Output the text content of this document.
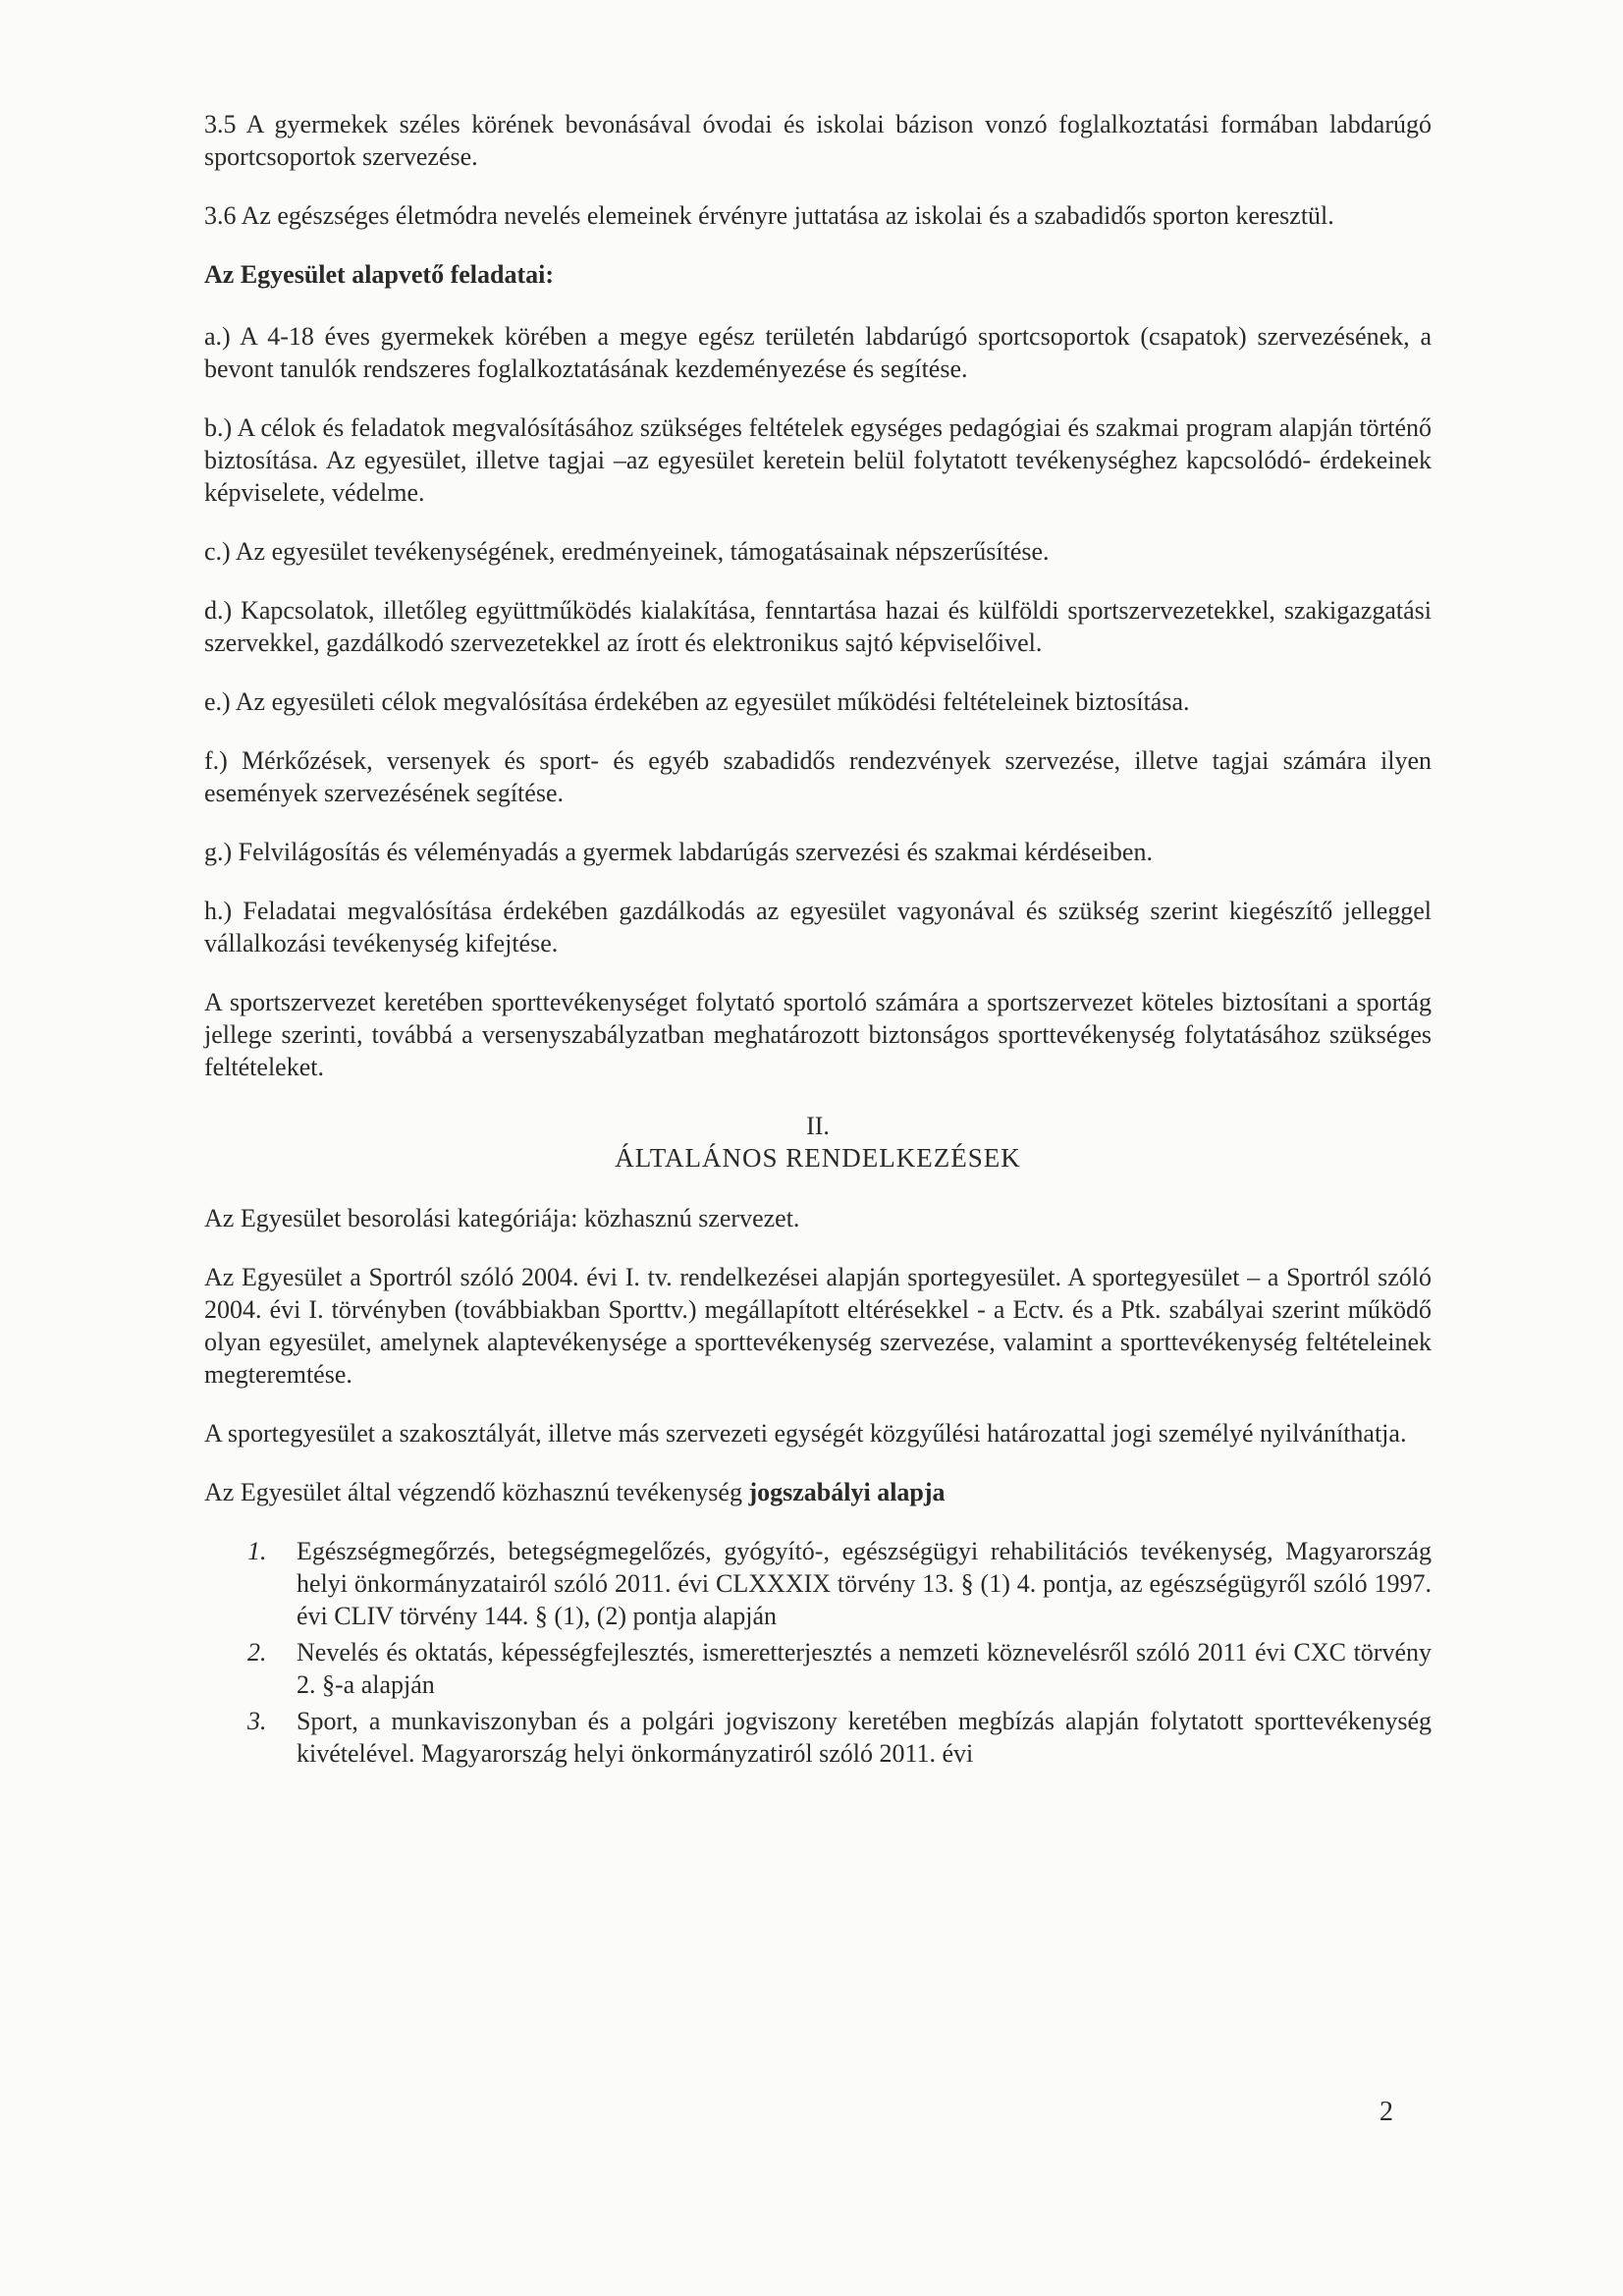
3.5 A gyermekek széles körének bevonásával óvodai és iskolai bázison vonzó foglalkoztatási formában labdarúgó sportcsoportok szervezése.

3.6 Az egészséges életmódra nevelés elemeinek érvényre juttatása az iskolai és a szabadidős sporton keresztül.

Az Egyesület alapvető feladatai:

a.) A 4-18 éves gyermekek körében a megye egész területén labdarúgó sportcsoportok (csapatok) szervezésének, a bevont tanulók rendszeres foglalkoztatásának kezdeményezése és segítése.

b.) A célok és feladatok megvalósításához szükséges feltételek egységes pedagógiai és szakmai program alapján történő biztosítása. Az egyesület, illetve tagjai –az egyesület keretein belül folytatott tevékenységhez kapcsolódó- érdekeinek képviselete, védelme.

c.) Az egyesület tevékenységének, eredményeinek, támogatásainak népszerűsítése.

d.) Kapcsolatok, illetőleg együttműködés kialakítása, fenntartása hazai és külföldi sportszervezetekkel, szakigazgatási szervekkel, gazdálkodó szervezetekkel az írott és elektronikus sajtó képviselőivel.

e.) Az egyesületi célok megvalósítása érdekében az egyesület működési feltételeinek biztosítása.

f.) Mérkőzések, versenyek és sport- és egyéb szabadidős rendezvények szervezése, illetve tagjai számára ilyen események szervezésének segítése.

g.) Felvilágosítás és véleményadás a gyermek labdarúgás szervezési és szakmai kérdéseiben.

h.) Feladatai megvalósítása érdekében gazdálkodás az egyesület vagyonával és szükség szerint kiegészítő jelleggel vállalkozási tevékenység kifejtése.

A sportszervezet keretében sporttevékenységet folytató sportoló számára a sportszervezet köteles biztosítani a sportág jellege szerinti, továbbá a versenyszabályzatban meghatározott biztonságos sporttevékenység folytatásához szükséges feltételeket.

II.
ÁLTALÁNOS RENDELKEZÉSEK

Az Egyesület besorolási kategóriája: közhasznú szervezet.

Az Egyesület a Sportról szóló 2004. évi I. tv. rendelkezései alapján sportegyesület. A sportegyesület – a Sportról szóló 2004. évi I. törvényben (továbbiakban Sporttv.) megállapított eltérésekkel - a Ectv. és a Ptk. szabályai szerint működő olyan egyesület, amelynek alaptevékenysége a sporttevékenység szervezése, valamint a sporttevékenység feltételeinek megteremtése.

A sportegyesület a szakosztályát, illetve más szervezeti egységét közgyűlési határozattal jogi személyé nyilváníthatja.

Az Egyesület által végzendő közhasznú tevékenység jogszabályi alapja

1.	Egészségmegőrzés, betegségmegelőzés, gyógyító-, egészségügyi rehabilitációs tevékenység, Magyarország helyi önkormányzatairól szóló 2011. évi CLXXXIX törvény 13. § (1) 4. pontja, az egészségügyről szóló 1997. évi CLIV törvény 144. § (1), (2) pontja alapján
2.	Nevelés és oktatás, képességfejlesztés, ismeretterjesztés a nemzeti köznevelésről szóló 2011 évi CXC törvény 2. §-a alapján
3.	Sport, a munkaviszonyban és a polgári jogviszony keretében megbízás alapján folytatott sporttevékenység kivételével. Magyarország helyi önkormányzatiról szóló 2011. évi
2
